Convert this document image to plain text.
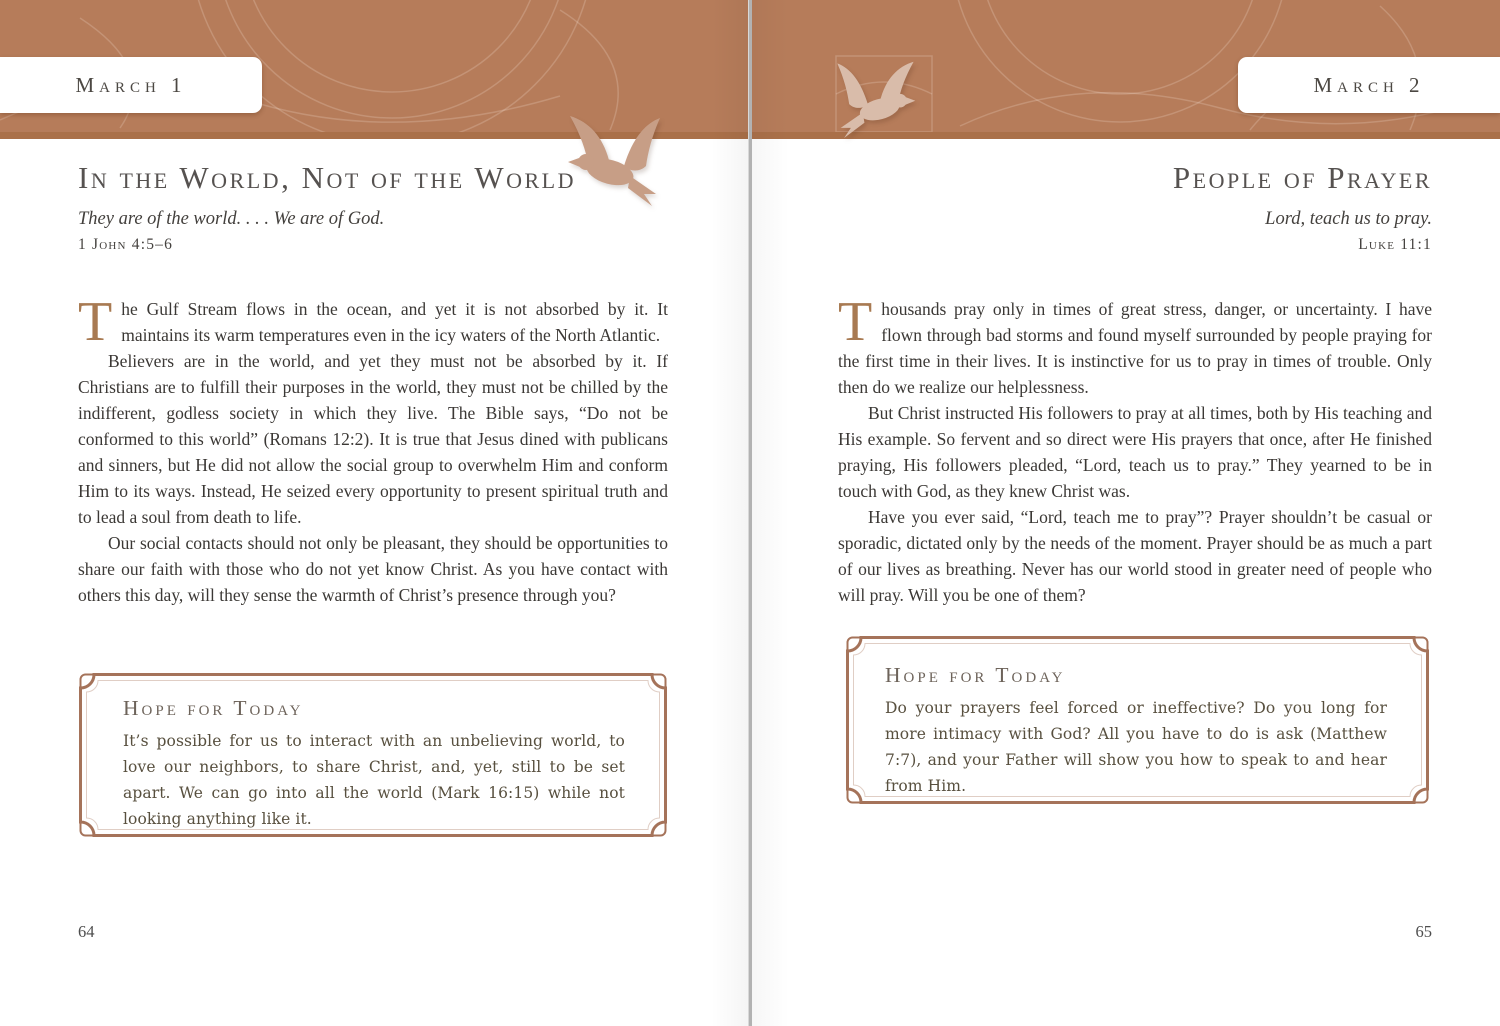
March 1	March 2
In the World, Not of the World
They are of the world. . . . We are of God.
1 John 4:5–6

The Gulf Stream flows in the ocean, and yet it is not absorbed by it. It maintains its warm temperatures even in the icy waters of the North Atlantic.

Believers are in the world, and yet they must not be absorbed by it. If Christians are to fulfill their purposes in the world, they must not be chilled by the indifferent, godless society in which they live. The Bible says, “Do not be conformed to this world” (Romans 12:2). It is true that Jesus dined with publicans and sinners, but He did not allow the social group to overwhelm Him and conform Him to its ways. Instead, He seized every opportunity to present spiritual truth and to lead a soul from death to life.

Our social contacts should not only be pleasant, they should be opportunities to share our faith with those who do not yet know Christ. As you have contact with others this day, will they sense the warmth of Christ’s presence through you?

Hope for Today

It’s possible for us to interact with an unbelieving world, to love our neighbors, to share Christ, and, yet, still to be set apart. We can go into all the world (Mark 16:15) while not looking anything like it.

64
People of Prayer
Lord, teach us to pray.
Luke 11:1

Thousands pray only in times of great stress, danger, or uncertainty. I have flown through bad storms and found myself surrounded by people praying for the first time in their lives. It is instinctive for us to pray in times of trouble. Only then do we realize our helplessness.

But Christ instructed His followers to pray at all times, both by His teaching and His example. So fervent and so direct were His prayers that once, after He finished praying, His followers pleaded, “Lord, teach us to pray.” They yearned to be in touch with God, as they knew Christ was.

Have you ever said, “Lord, teach me to pray”? Prayer shouldn’t be casual or sporadic, dictated only by the needs of the moment. Prayer should be as much a part of our lives as breathing. Never has our world stood in greater need of people who will pray. Will you be one of them?

Hope for Today

Do your prayers feel forced or ineffective? Do you long for more intimacy with God? All you have to do is ask (Matthew 7:7), and your Father will show you how to speak to and hear from Him.

65
